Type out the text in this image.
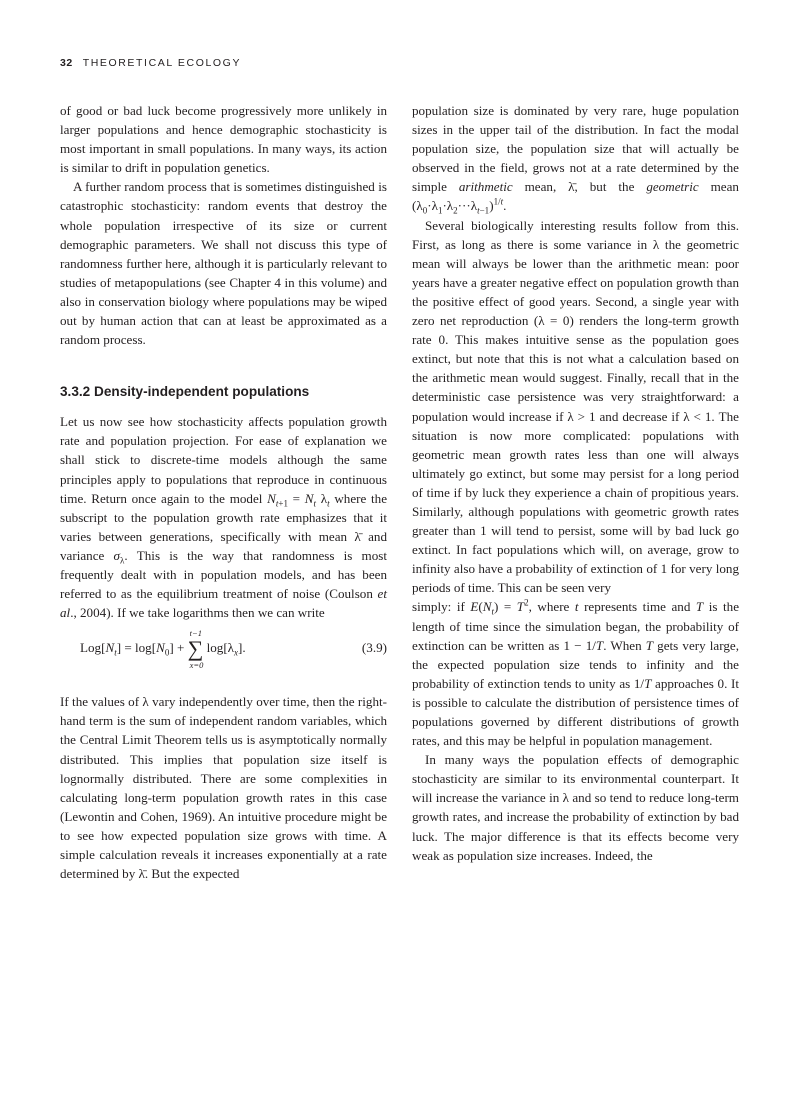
32 THEORETICAL ECOLOGY

of good or bad luck become progressively more unlikely in larger populations and hence demographic stochasticity is most important in small populations. In many ways, its action is similar to drift in population genetics.

A further random process that is sometimes distinguished is catastrophic stochasticity: random events that destroy the whole population irrespective of its size or current demographic parameters. We shall not discuss this type of randomness further here, although it is particularly relevant to studies of metapopulations (see Chapter 4 in this volume) and also in conservation biology where populations may be wiped out by human action that can at least be approximated as a random process.

3.3.2 Density-independent populations

Let us now see how stochasticity affects population growth rate and population projection. For ease of explanation we shall stick to discrete-time models although the same principles apply to populations that reproduce in continuous time. Return once again to the model $N_{t+1} = N_t$ $\lambda_t$ where the subscript to the population growth rate emphasizes that it varies between generations, specifically with mean λ̄ and variance $\sigma_\lambda$. This is the way that randomness is most frequently dealt with in population models, and has been referred to as the equilibrium treatment of noise (Coulson et al., 2004). If we take logarithms then we can write

$Log[N_t] = \log[N_0]$ + ∑
t−1
x=0
$\log[\lambda_x]$.	(3.9)

If the values of λ vary independently over time, then the right-hand term is the sum of independent random variables, which the Central Limit Theorem tells us is asymptotically normally distributed. This implies that population size itself is lognormally distributed. There are some complexities in calculating long-term population growth rates in this case (Lewontin and Cohen, 1969). An intuitive procedure might be to see how expected population size grows with time. A simple calculation reveals it increases exponentially at a rate determined by λ̄. But the expected

population size is dominated by very rare, huge population sizes in the upper tail of the distribution. In fact the modal population size, the population size that will actually be observed in the field, grows not at a rate determined by the simple arithmetic mean, λ̄, but the geometric mean $(\lambda_0\cdot\lambda_1\cdot\lambda_2\cdot\cdot\cdot\lambda_{t-1})^{1/t}$.

Several biologically interesting results follow from this. First, as long as there is some variance in λ the geometric mean will always be lower than the arithmetic mean: poor years have a greater negative effect on population growth than the positive effect of good years. Second, a single year with zero net reproduction (λ = 0) renders the long-term growth rate 0. This makes intuitive sense as the population goes extinct, but note that this is not what a calculation based on the arithmetic mean would suggest. Finally, recall that in the deterministic case persistence was very straightforward: a population would increase if λ > 1 and decrease if λ < 1. The situation is now more complicated: populations with geometric mean growth rates less than one will always ultimately go extinct, but some may persist for a long period of time if by luck they experience a chain of propitious years. Similarly, although populations with geometric growth rates greater than 1 will tend to persist, some will by bad luck go extinct. In fact populations which will, on average, grow to infinity also have a probability of extinction of 1 for very long periods of time. This can be seen very

simply: if $E(N_t) = T^2$, where t represents time and T is the length of time since the simulation began, the probability of extinction can be written as 1 − 1/T. When T gets very large, the expected population size tends to infinity and the probability of extinction tends to unity as 1/T approaches 0. It is possible to calculate the distribution of persistence times of populations governed by different distributions of growth rates, and this may be helpful in population management.

In many ways the population effects of demographic stochasticity are similar to its environmental counterpart. It will increase the variance in λ and so tend to reduce long-term growth rates, and increase the probability of extinction by bad luck. The major difference is that its effects become very weak as population size increases. Indeed, the
